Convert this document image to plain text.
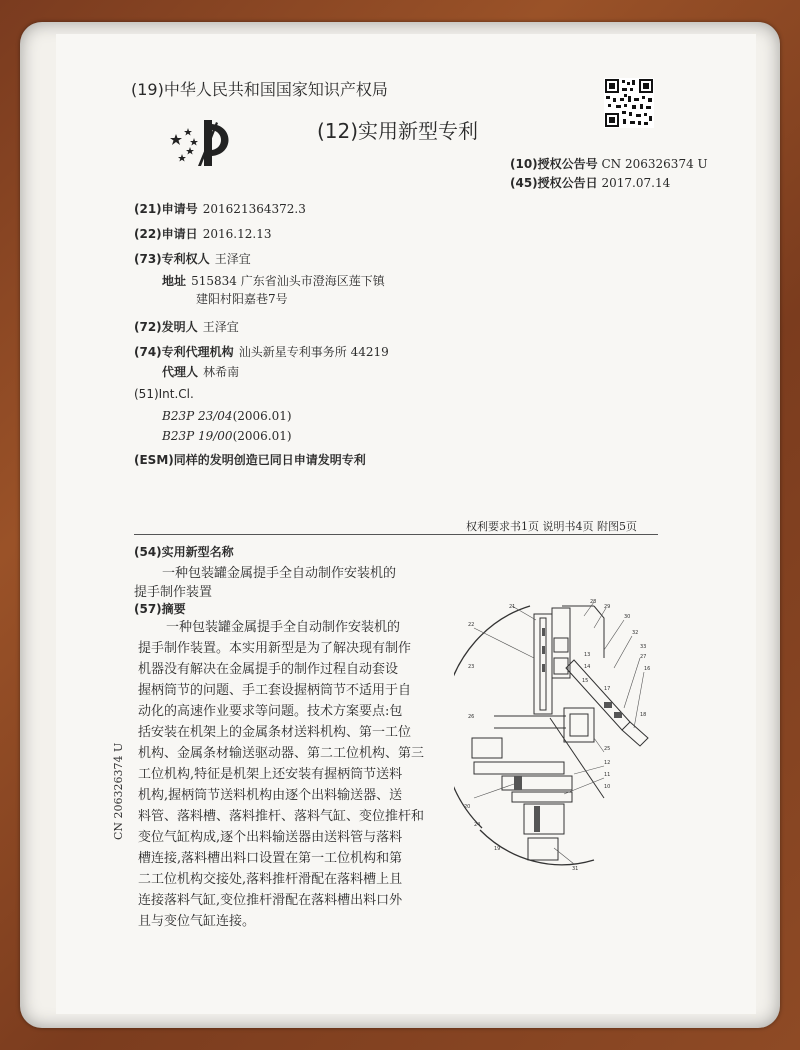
(19)中华人民共和国国家知识产权局
(12)实用新型专利
(10)授权公告号 CN 206326374 U
(45)授权公告日 2017.07.14
(21)申请号 201621364372.3
(22)申请日 2016.12.13
(73)专利权人 王泽宜
地址 515834 广东省汕头市澄海区莲下镇
建阳村阳嘉巷7号
(72)发明人 王泽宜
(74)专利代理机构 汕头新星专利事务所 44219
代理人 林希南
(51)Int.Cl.
B23P 23/04(2006.01)
B23P 19/00(2006.01)
(ESM)同样的发明创造已同日申请发明专利
权利要求书1页 说明书4页 附图5页
(54)实用新型名称
一种包装罐金属提手全自动制作安装机的
提手制作装置
(57)摘要
一种包装罐金属提手全自动制作安装机的
提手制作装置。本实用新型是为了解决现有制作
机器没有解决在金属提手的制作过程自动套设
握柄筒节的问题、手工套设握柄筒节不适用于自
动化的高速作业要求等问题。技术方案要点:包
括安装在机架上的金属条材送料机构、第一工位
机构、金属条材输送驱动器、第二工位机构、第三
工位机构,特征是机架上还安装有握柄筒节送料
机构,握柄筒节送料机构由逐个出料输送器、送
料管、落料槽、落料推杆、落料气缸、变位推杆和
变位气缸构成,逐个出料输送器由送料管与落料
槽连接,落料槽出料口设置在第一工位机构和第
二工位机构交接处,落料推杆滑配在落料槽上且
连接落料气缸,变位推杆滑配在落料槽出料口外
且与变位气缸连接。
CN 206326374 U
21
28
29
30
32
33
27
16
18
22
23
26
25
12
11
10
19
20
24
31
13
14
15
17
